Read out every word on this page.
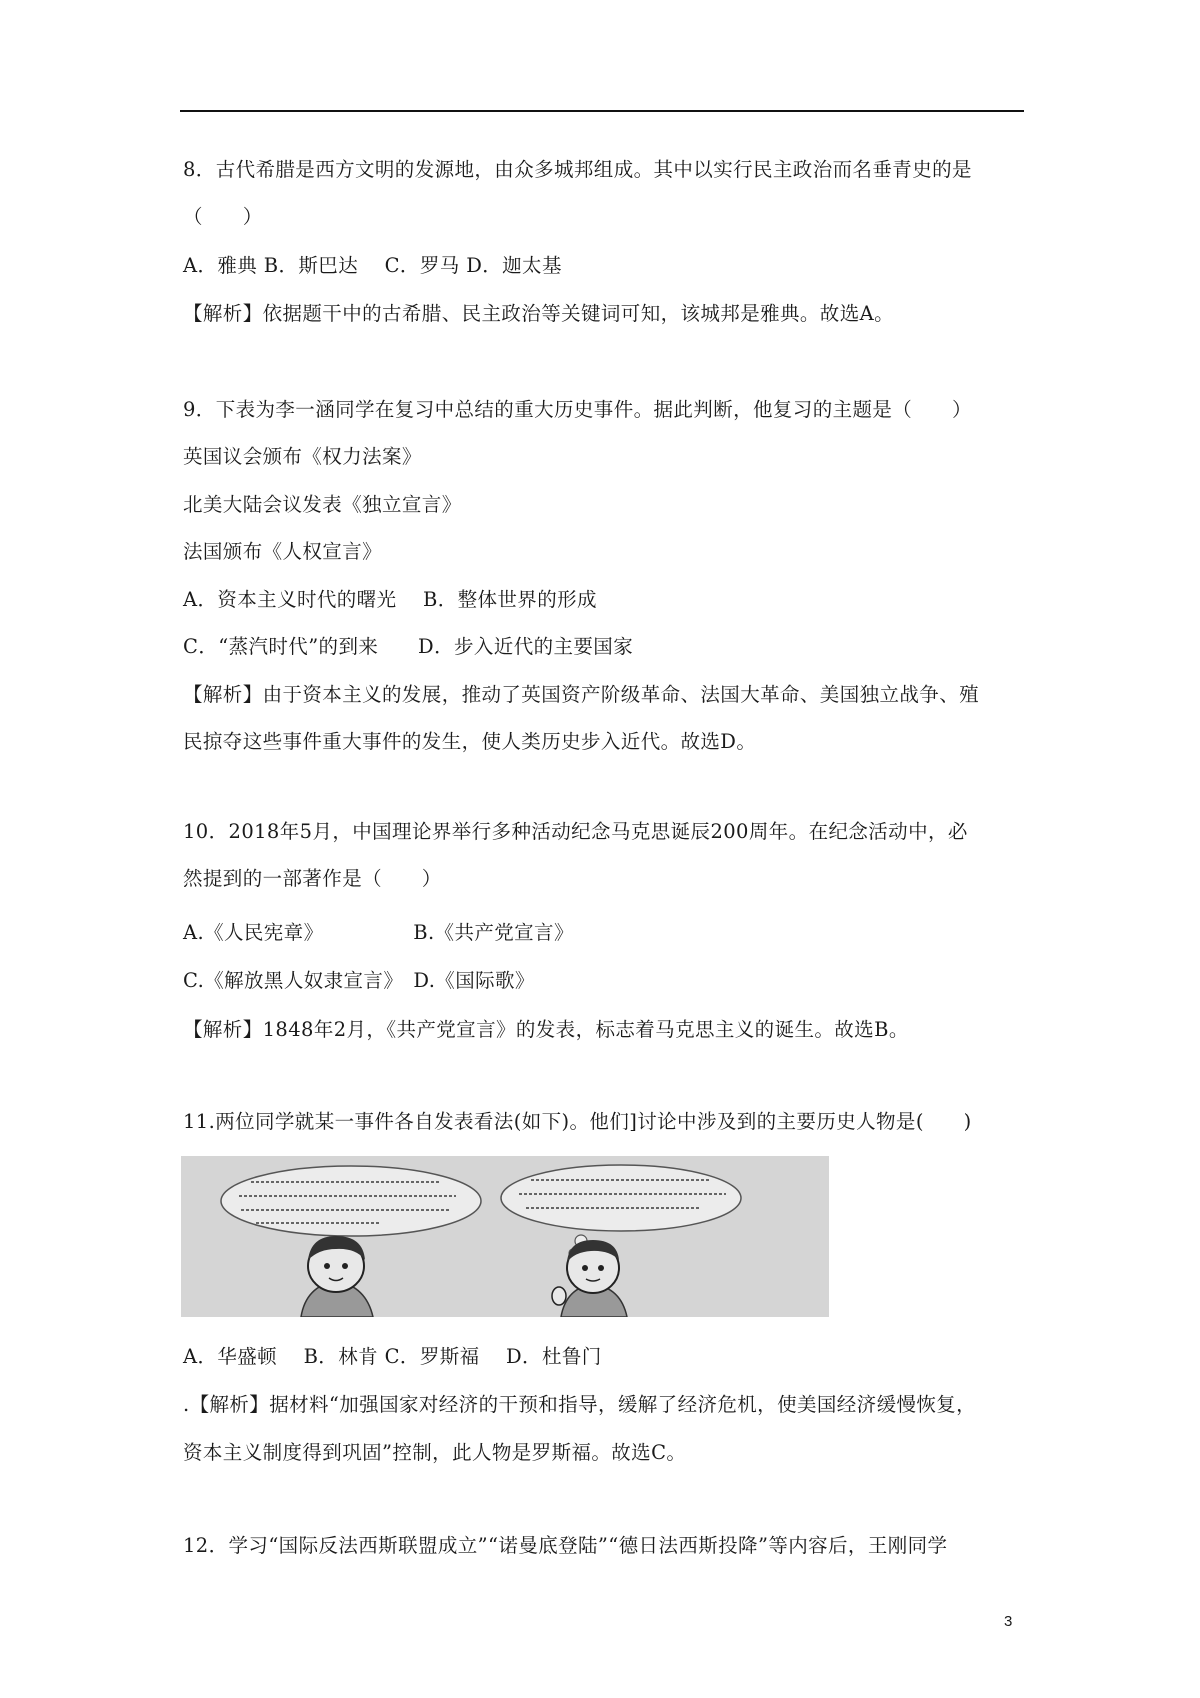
8．古代希腊是西方文明的发源地，由众多城邦组成。其中以实行民主政治而名垂青史的是
（　　）
A．雅典 B．斯巴达　 C．罗马 D．迦太基
【解析】依据题干中的古希腊、民主政治等关键词可知，该城邦是雅典。故选A。
9．下表为李一涵同学在复习中总结的重大历史事件。据此判断，他复习的主题是（　　）
英国议会颁布《权力法案》
北美大陆会议发表《独立宣言》
法国颁布《人权宣言》
A．资本主义时代的曙光　 B．整体世界的形成
C．“蒸汽时代”的到来　　D．步入近代的主要国家
【解析】由于资本主义的发展，推动了英国资产阶级革命、法国大革命、美国独立战争、殖
民掠夺这些事件重大事件的发生，使人类历史步入近代。故选D。
10．2018年5月，中国理论界举行多种活动纪念马克思诞辰200周年。在纪念活动中，必
然提到的一部著作是（　　）
A.《人民宪章》　　　　　B.《共产党宣言》
C.《解放黑人奴隶宣言》　D.《国际歌》
【解析】1848年2月，《共产党宣言》的发表，标志着马克思主义的诞生。故选B。
11.两位同学就某一事件各自发表看法(如下)。他们]讨论中涉及到的主要历史人物是(　　)
A．华盛顿　 B．林肯 C．罗斯福　 D．杜鲁门
.【解析】据材料“加强国家对经济的干预和指导，缓解了经济危机，使美国经济缓慢恢复，
资本主义制度得到巩固”控制，此人物是罗斯福。故选C。
12．学习“国际反法西斯联盟成立”“诺曼底登陆”“德日法西斯投降”等内容后，王刚同学
3
